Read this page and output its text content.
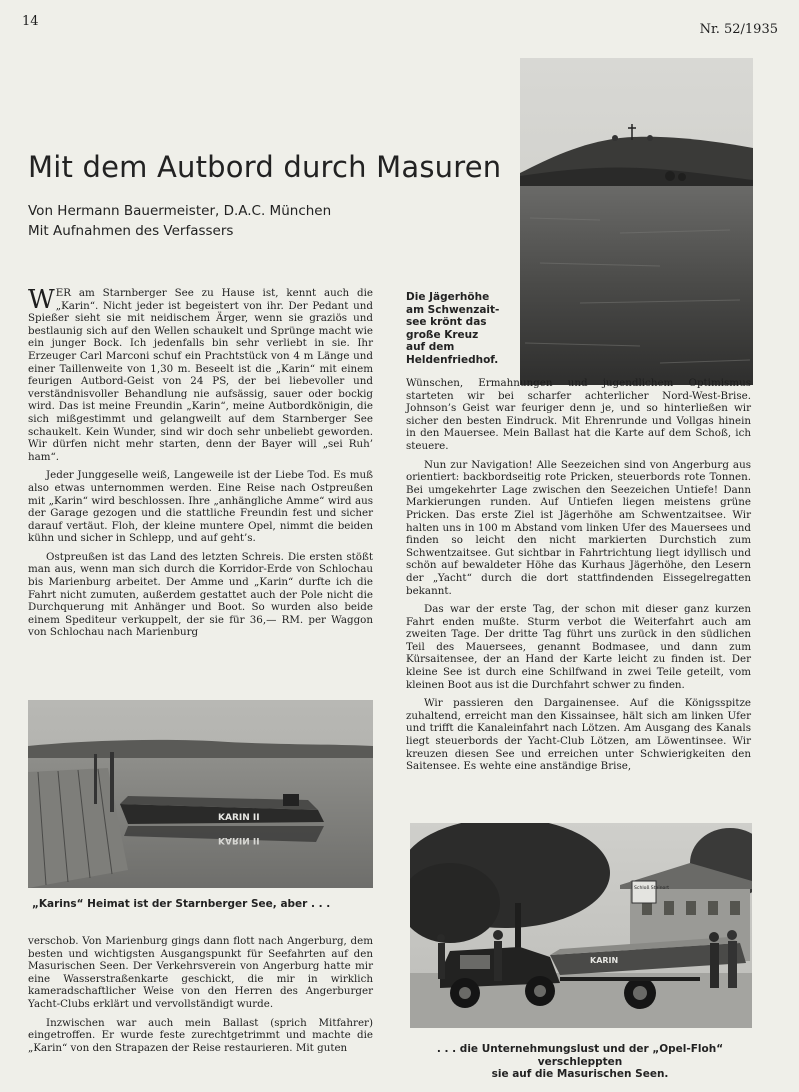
14
Nr. 52/1935
Mit dem Autbord durch Masuren
Von Hermann Bauermeister, D.A.C. München
Mit Aufnahmen des Verfassers
Die Jägerhöhe
am Schwenzait-
see krönt das
große Kreuz
auf dem
Heldenfriedhof.

WER am Starnberger See zu Hause ist, kennt auch die „Karin“. Nicht jeder ist begeistert von ihr. Der Pedant und Spießer sieht sie mit neidischem Ärger, wenn sie graziös und bestlaunig sich auf den Wellen schaukelt und Sprünge macht wie ein junger Bock. Ich jedenfalls bin sehr verliebt in sie. Ihr Erzeuger Carl Marconi schuf ein Prachtstück von 4 m Länge und einer Taillenweite von 1,30 m. Beseelt ist die „Karin“ mit einem feurigen Autbord-Geist von 24 PS, der bei liebevoller und verständnisvoller Behandlung nie aufsässig, sauer oder bockig wird. Das ist meine Freundin „Karin“, meine Autbordkönigin, die sich mißgestimmt und gelangweilt auf dem Starnberger See schaukelt. Kein Wunder, sind wir doch sehr unbeliebt geworden. Wir dürfen nicht mehr starten, denn der Bayer will „sei Ruh’ ham“.

Jeder Junggeselle weiß, Langeweile ist der Liebe Tod. Es muß also etwas unternommen werden. Eine Reise nach Ostpreußen mit „Karin“ wird beschlossen. Ihre „anhängliche Amme“ wird aus der Garage gezogen und die stattliche Freundin fest und sicher darauf vertäut. Floh, der kleine muntere Opel, nimmt die beiden kühn und sicher in Schlepp, und auf geht’s.

Ostpreußen ist das Land des letzten Schreis. Die ersten stößt man aus, wenn man sich durch die Korridor-Erde von Schlochau bis Marienburg arbeitet. Der Amme und „Karin“ durfte ich die Fahrt nicht zumuten, außerdem gestattet auch der Pole nicht die Durchquerung mit Anhänger und Boot. So wurden also beide einem Spediteur verkuppelt, der sie für 36,— RM. per Waggon von Schlochau nach Marienburg

Wünschen, Ermahnungen und jugendlichem Optimismus starteten wir bei scharfer achterlicher Nord-West-Brise. Johnson’s Geist war feuriger denn je, und so hinterließen wir sicher den besten Eindruck. Mit Ehrenrunde und Vollgas hinein in den Mauersee. Mein Ballast hat die Karte auf dem Schoß, ich steuere.

Nun zur Navigation! Alle Seezeichen sind von Angerburg aus orientiert: backbordseitig rote Pricken, steuerbords rote Tonnen. Bei umgekehrter Lage zwischen den Seezeichen Untiefe! Dann Markierungen runden. Auf Untiefen liegen meistens grüne Pricken. Das erste Ziel ist Jägerhöhe am Schwentzaitsee. Wir halten uns in 100 m Abstand vom linken Ufer des Mauersees und finden so leicht den nicht markierten Durchstich zum Schwentzaitsee. Gut sichtbar in Fahrtrichtung liegt idyllisch und schön auf bewaldeter Höhe das Kurhaus Jägerhöhe, den Lesern der „Yacht“ durch die dort stattfindenden Eissegelregatten bekannt.

Das war der erste Tag, der schon mit dieser ganz kurzen Fahrt enden mußte. Sturm verbot die Weiterfahrt auch am zweiten Tage. Der dritte Tag führt uns zurück in den südlichen Teil des Mauersees, genannt Bodmasee, und dann zum Kürsaitensee, der an Hand der Karte leicht zu finden ist. Der kleine See ist durch eine Schilfwand in zwei Teile geteilt, vom kleinen Boot aus ist die Durchfahrt schwer zu finden.

Wir passieren den Dargainensee. Auf die Königsspitze zuhaltend, erreicht man den Kissainsee, hält sich am linken Ufer und trifft die Kanaleinfahrt nach Lötzen. Am Ausgang des Kanals liegt steuerbords der Yacht-Club Lötzen, am Löwentinsee. Wir kreuzen diesen See und erreichen unter Schwierigkeiten den Saitensee. Es wehte eine anständige Brise,

KARIN II
KARIN II
„Karins“ Heimat ist der Starnberger See, aber . . .

verschob. Von Marienburg gings dann flott nach Angerburg, dem besten und wichtigsten Ausgangspunkt für Seefahrten auf den Masurischen Seen. Der Verkehrsverein von Angerburg hatte mir eine Wasserstraßenkarte geschickt, die mir in wirklich kameradschaftlicher Weise von den Herren des Angerburger Yacht-Clubs erklärt und vervollständigt wurde.

Inzwischen war auch mein Ballast (sprich Mitfahrer) eingetroffen. Er wurde feste zurechtgetrimmt und machte die „Karin“ von den Strapazen der Reise restaurieren. Mit guten

Schloß Steinort
KARIN
. . . die Unternehmungslust und der „Opel-Floh“ verschleppten
sie auf die Masurischen Seen.
